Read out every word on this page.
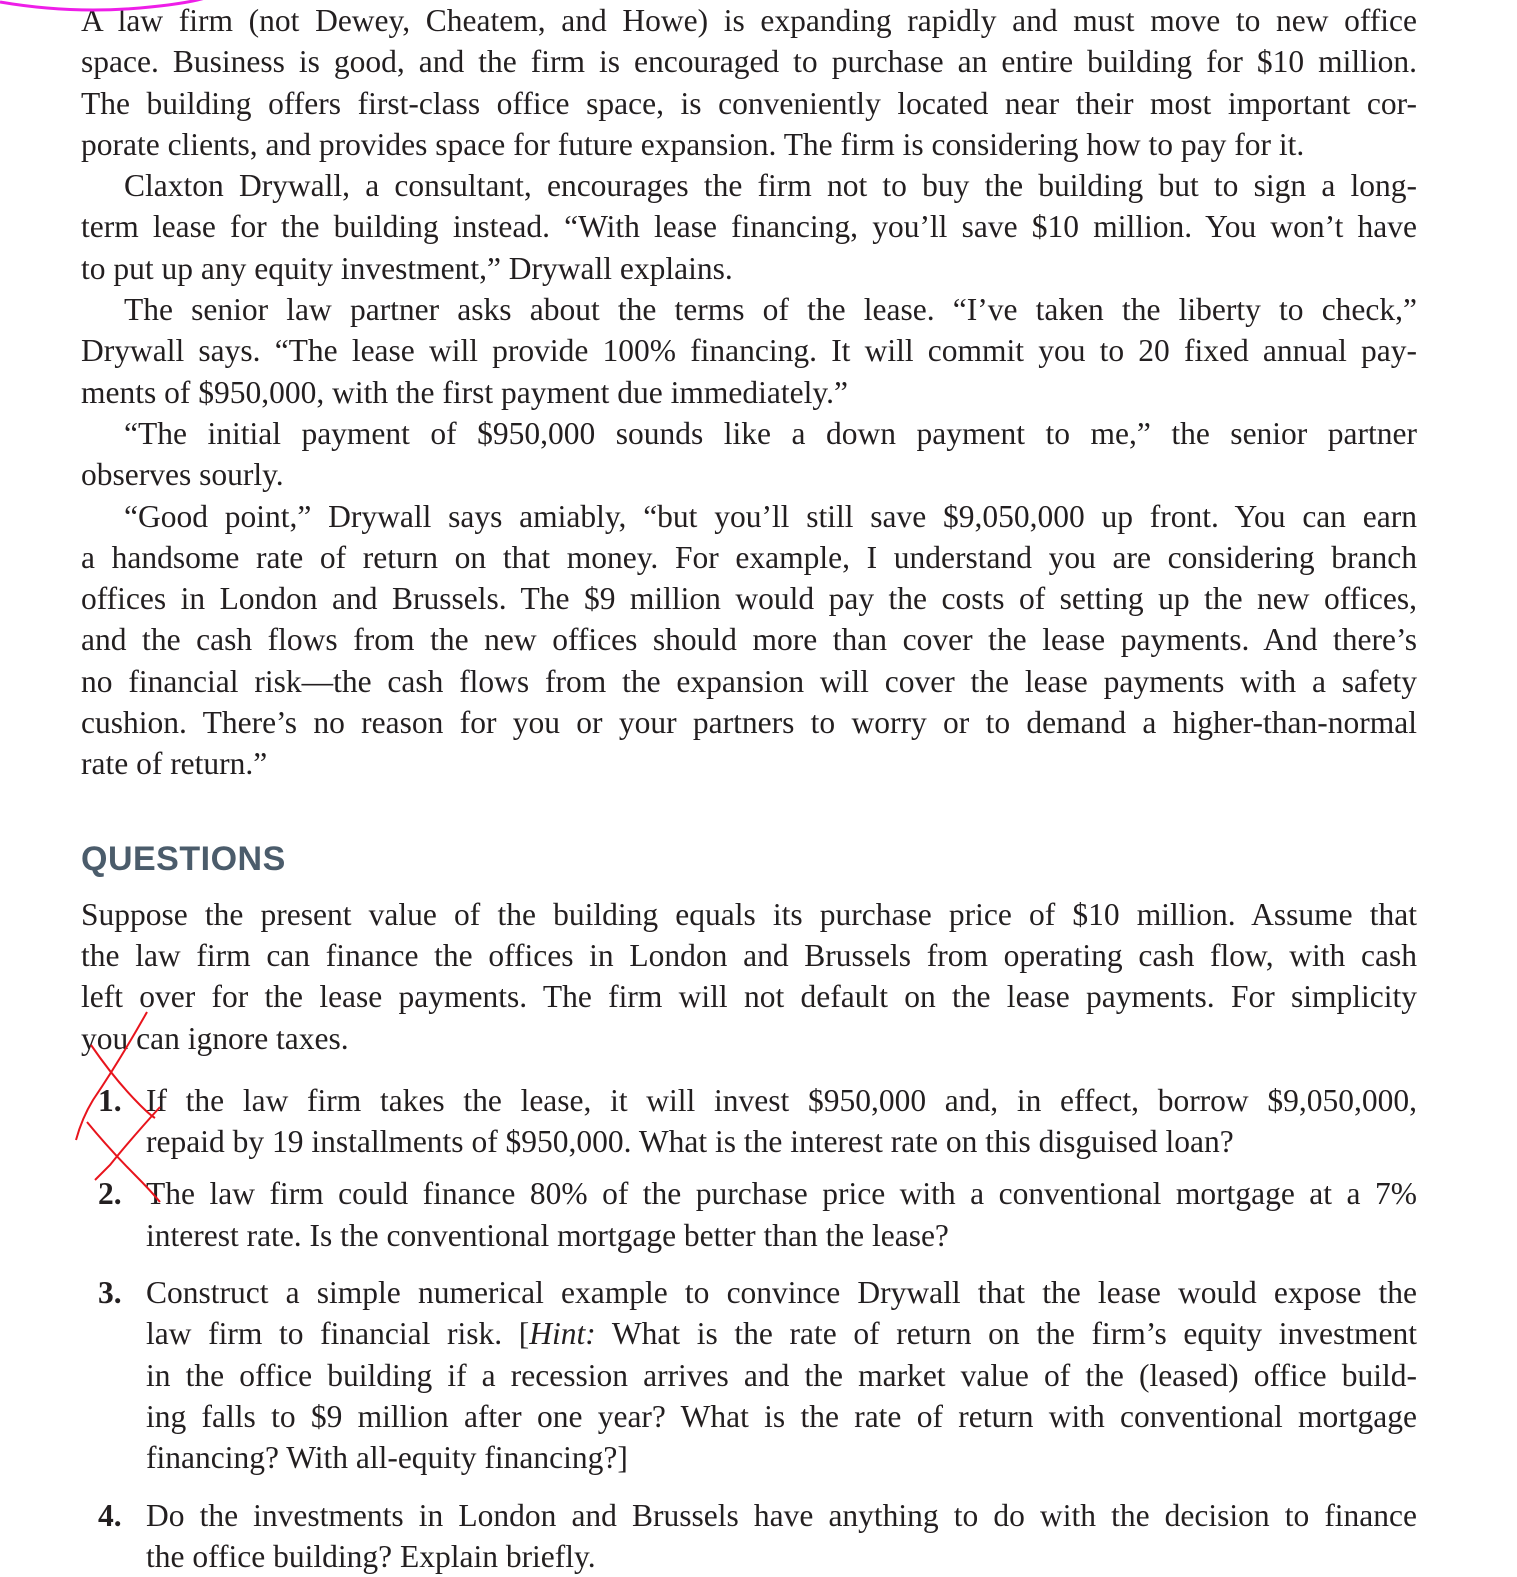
A law firm (not Dewey, Cheatem, and Howe) is expanding rapidly and must move to new office
space. Business is good, and the firm is encouraged to purchase an entire building for $10 million.
The building offers first-class office space, is conveniently located near their most important cor-
porate clients, and provides space for future expansion. The firm is considering how to pay for it.
Claxton Drywall, a consultant, encourages the firm not to buy the building but to sign a long-
term lease for the building instead. “With lease financing, you’ll save $10 million. You won’t have
to put up any equity investment,” Drywall explains.
The senior law partner asks about the terms of the lease. “I’ve taken the liberty to check,”
Drywall says. “The lease will provide 100% financing. It will commit you to 20 fixed annual pay-
ments of $950,000, with the first payment due immediately.”
“The initial payment of $950,000 sounds like a down payment to me,” the senior partner
observes sourly.
“Good point,” Drywall says amiably, “but you’ll still save $9,050,000 up front. You can earn
a handsome rate of return on that money. For example, I understand you are considering branch
offices in London and Brussels. The $9 million would pay the costs of setting up the new offices,
and the cash flows from the new offices should more than cover the lease payments. And there’s
no financial risk—the cash flows from the expansion will cover the lease payments with a safety
cushion. There’s no reason for you or your partners to worry or to demand a higher-than-normal
rate of return.”
QUESTIONS
Suppose the present value of the building equals its purchase price of $10 million. Assume that
the law firm can finance the offices in London and Brussels from operating cash flow, with cash
left over for the lease payments. The firm will not default on the lease payments. For simplicity
you can ignore taxes.
1. If the law firm takes the lease, it will invest $950,000 and, in effect, borrow $9,050,000,
repaid by 19 installments of $950,000. What is the interest rate on this disguised loan?
2. The law firm could finance 80% of the purchase price with a conventional mortgage at a 7%
interest rate. Is the conventional mortgage better than the lease?
3. Construct a simple numerical example to convince Drywall that the lease would expose the
law firm to financial risk. [Hint: What is the rate of return on the firm’s equity investment
in the office building if a recession arrives and the market value of the (leased) office build-
ing falls to $9 million after one year? What is the rate of return with conventional mortgage
financing? With all-equity financing?]
4. Do the investments in London and Brussels have anything to do with the decision to finance
the office building? Explain briefly.
